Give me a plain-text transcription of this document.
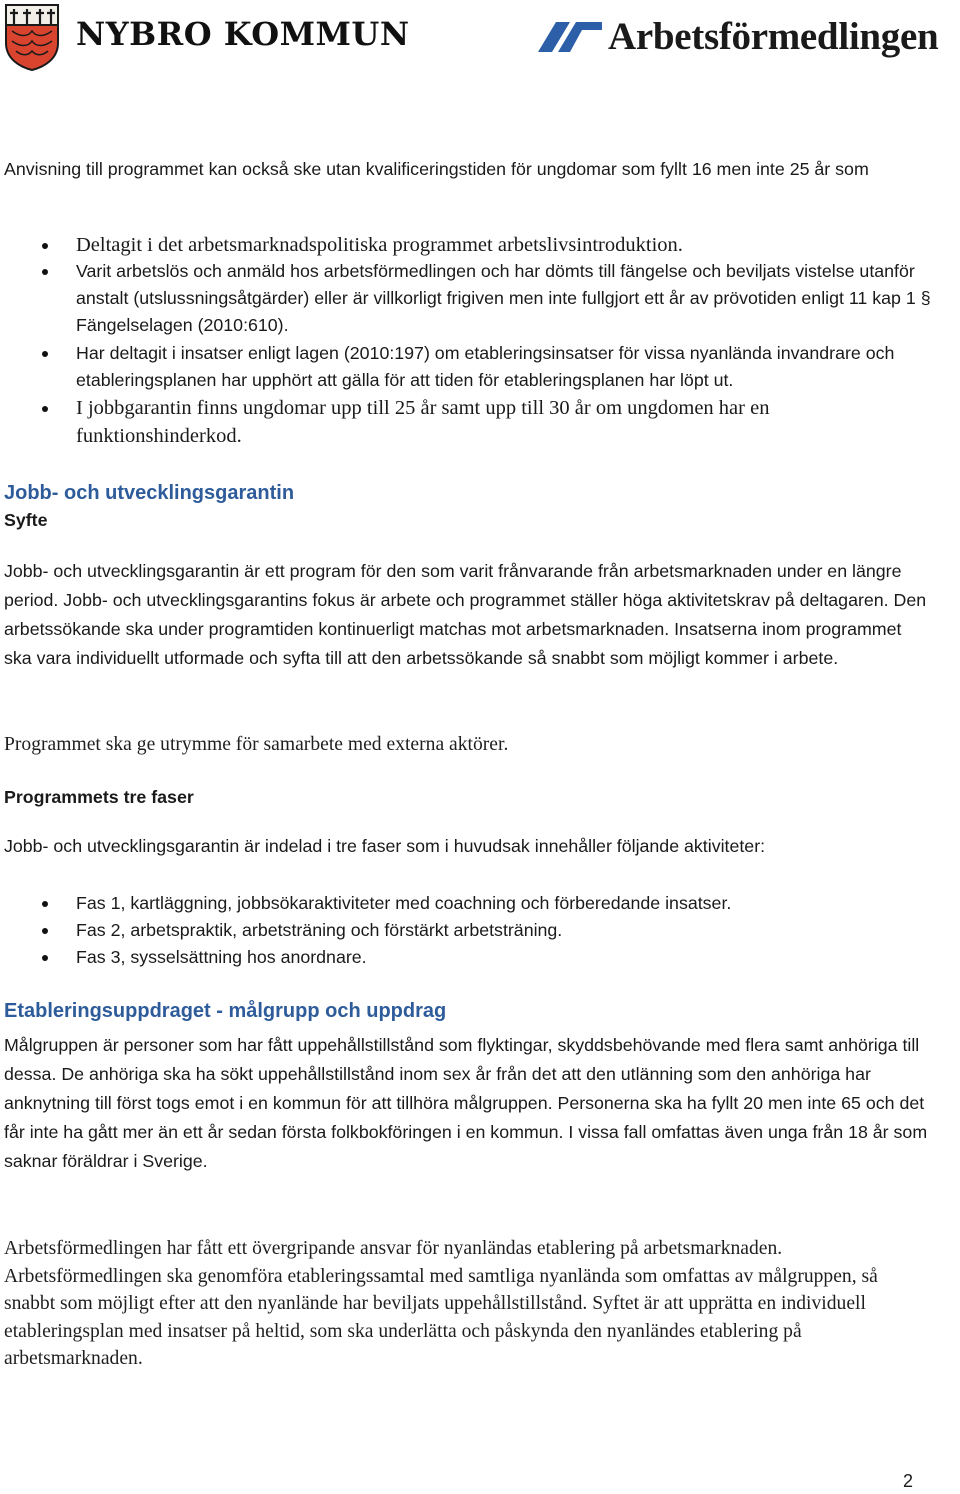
NYBRO KOMMUN	Arbetsförmedlingen

Anvisning till programmet kan också ske utan kvalificeringstiden för ungdomar som fyllt 16 men inte 25 år som

Deltagit i det arbetsmarknadspolitiska programmet arbetslivsintroduktion.
Varit arbetslös och anmäld hos arbetsförmedlingen och har dömts till fängelse och beviljats vistelse utanför anstalt (utslussningsåtgärder) eller är villkorligt frigiven men inte fullgjort ett år av prövotiden enligt 11 kap 1 § Fängelselagen (2010:610).
Har deltagit i insatser enligt lagen (2010:197) om etableringsinsatser för vissa nyanlända invandrare och etableringsplanen har upphört att gälla för att tiden för etableringsplanen har löpt ut.
I jobbgarantin finns ungdomar upp till 25 år samt upp till 30 år om ungdomen har en funktionshinderkod.
Jobb- och utvecklingsgarantin
Syfte

Jobb- och utvecklingsgarantin är ett program för den som varit frånvarande från arbetsmarknaden under en längre period. Jobb- och utvecklingsgarantins fokus är arbete och programmet ställer höga aktivitetskrav på deltagaren. Den arbetssökande ska under programtiden kontinuerligt matchas mot arbetsmarknaden. Insatserna inom programmet ska vara individuellt utformade och syfta till att den arbetssökande så snabbt som möjligt kommer i arbete.

Programmet ska ge utrymme för samarbete med externa aktörer.

Programmets tre faser

Jobb- och utvecklingsgarantin är indelad i tre faser som i huvudsak innehåller följande aktiviteter:

Fas 1, kartläggning, jobbsökaraktiviteter med coachning och förberedande insatser.
Fas 2, arbetspraktik, arbetsträning och förstärkt arbetsträning.
Fas 3, sysselsättning hos anordnare.
Etableringsuppdraget - målgrupp och uppdrag

Målgruppen är personer som har fått uppehållstillstånd som flyktingar, skyddsbehövande med flera samt anhöriga till dessa. De anhöriga ska ha sökt uppehållstillstånd inom sex år från det att den utlänning som den anhöriga har anknytning till först togs emot i en kommun för att tillhöra målgruppen. Personerna ska ha fyllt 20 men inte 65 och det får inte ha gått mer än ett år sedan första folkbokföringen i en kommun. I vissa fall omfattas även unga från 18 år som saknar föräldrar i Sverige.

Arbetsförmedlingen har fått ett övergripande ansvar för nyanländas etablering på arbetsmarknaden. Arbetsförmedlingen ska genomföra etableringssamtal med samtliga nyanlända som omfattas av målgruppen, så snabbt som möjligt efter att den nyanlände har beviljats uppehållstillstånd. Syftet är att upprätta en individuell etableringsplan med insatser på heltid, som ska underlätta och påskynda den nyanländes etablering på arbetsmarknaden.

2
